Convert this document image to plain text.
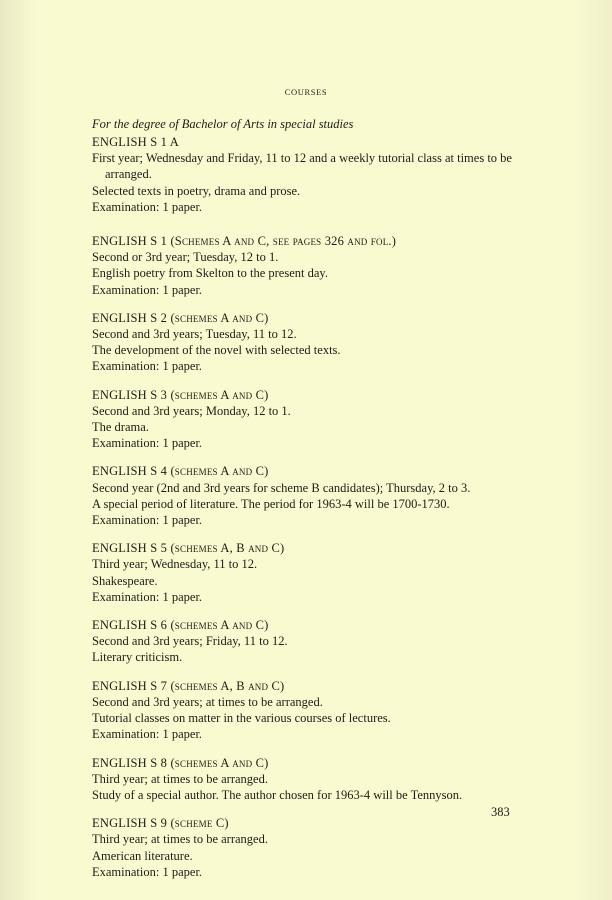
COURSES
For the degree of Bachelor of Arts in special studies
ENGLISH S 1 A
First year; Wednesday and Friday, 11 to 12 and a weekly tutorial class at times to be arranged.
Selected texts in poetry, drama and prose.
Examination: 1 paper.
ENGLISH S 1 (Schemes A and C, see pages 326 and fol.)
Second or 3rd year; Tuesday, 12 to 1.
English poetry from Skelton to the present day.
Examination: 1 paper.
ENGLISH S 2 (schemes A and C)
Second and 3rd years; Tuesday, 11 to 12.
The development of the novel with selected texts.
Examination: 1 paper.
ENGLISH S 3 (schemes A and C)
Second and 3rd years; Monday, 12 to 1.
The drama.
Examination: 1 paper.
ENGLISH S 4 (schemes A and C)
Second year (2nd and 3rd years for scheme B candidates); Thursday, 2 to 3.
A special period of literature. The period for 1963-4 will be 1700-1730.
Examination: 1 paper.
ENGLISH S 5 (schemes A, B and C)
Third year; Wednesday, 11 to 12.
Shakespeare.
Examination: 1 paper.
ENGLISH S 6 (schemes A and C)
Second and 3rd years; Friday, 11 to 12.
Literary criticism.
ENGLISH S 7 (schemes A, B and C)
Second and 3rd years; at times to be arranged.
Tutorial classes on matter in the various courses of lectures.
Examination: 1 paper.
ENGLISH S 8 (schemes A and C)
Third year; at times to be arranged.
Study of a special author. The author chosen for 1963-4 will be Tennyson.
ENGLISH S 9 (scheme C)
Third year; at times to be arranged.
American literature.
Examination: 1 paper.
383
